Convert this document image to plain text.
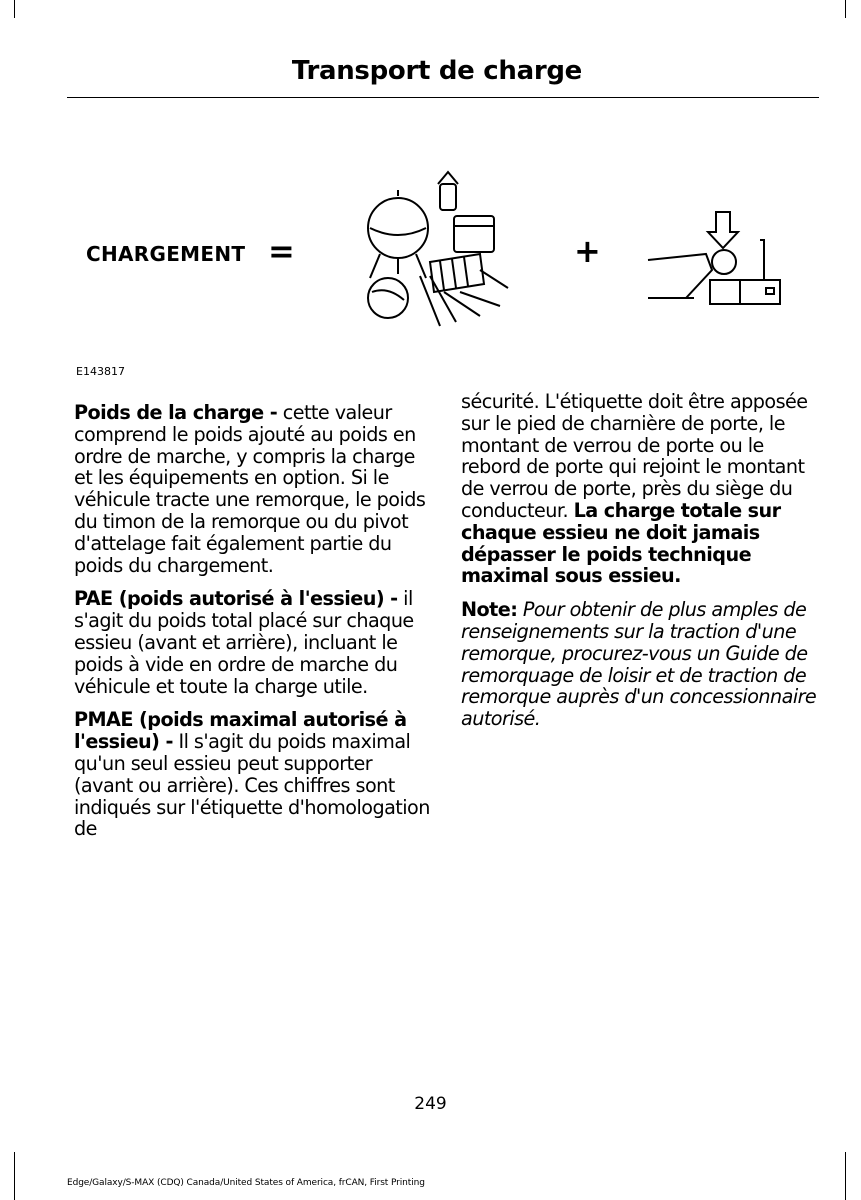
Transport de charge
CHARGEMENT =	+
E143817

Poids de la charge - cette valeur comprend le poids ajouté au poids en ordre de marche, y compris la charge et les équipements en option. Si le véhicule tracte une remorque, le poids du timon de la remorque ou du pivot d'attelage fait également partie du poids du chargement.

PAE (poids autorisé à l'essieu) - il s'agit du poids total placé sur chaque essieu (avant et arrière), incluant le poids à vide en ordre de marche du véhicule et toute la charge utile.

PMAE (poids maximal autorisé à l'essieu) - Il s'agit du poids maximal qu'un seul essieu peut supporter (avant ou arrière). Ces chiffres sont indiqués sur l'étiquette d'homologation de

sécurité. L'étiquette doit être apposée sur le pied de charnière de porte, le montant de verrou de porte ou le rebord de porte qui rejoint le montant de verrou de porte, près du siège du conducteur. La charge totale sur chaque essieu ne doit jamais dépasser le poids technique maximal sous essieu.

Note: Pour obtenir de plus amples de renseignements sur la traction d'une remorque, procurez-vous un Guide de remorquage de loisir et de traction de remorque auprès d'un concessionnaire autorisé.

249
Edge/Galaxy/S-MAX (CDQ) Canada/United States of America, frCAN, First Printing
